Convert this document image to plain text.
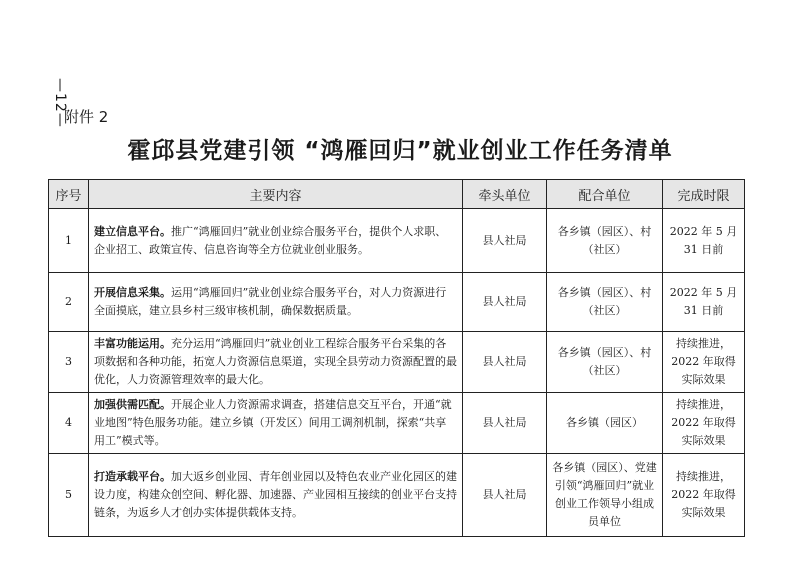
—12—
附件 2
霍邱县党建引领 “鸿雁回归”就业创业工作任务清单
序号	主要内容	牵头单位	配合单位	完成时限
1	建立信息平台。推广“鸿雁回归”就业创业综合服务平台，提供个人求职、企业招工、政策宣传、信息咨询等全方位就业创业服务。	县人社局	各乡镇（园区）、村（社区）	2022 年 5 月 31 日前
2	开展信息采集。运用“鸿雁回归”就业创业综合服务平台，对人力资源进行全面摸底，建立县乡村三级审核机制，确保数据质量。	县人社局	各乡镇（园区）、村（社区）	2022 年 5 月 31 日前
3	丰富功能运用。充分运用“鸿雁回归”就业创业工程综合服务平台采集的各项数据和各种功能，拓宽人力资源信息渠道，实现全县劳动力资源配置的最优化，人力资源管理效率的最大化。	县人社局	各乡镇（园区）、村（社区）	持续推进，2022 年取得实际效果
4	加强供需匹配。开展企业人力资源需求调查，搭建信息交互平台，开通“就业地图”特色服务功能。建立乡镇（开发区）间用工调剂机制，探索“共享用工”模式等。	县人社局	各乡镇（园区）	持续推进，2022 年取得实际效果
5	打造承载平台。加大返乡创业园、青年创业园以及特色农业产业化园区的建设力度，构建众创空间、孵化器、加速器、产业园相互接续的创业平台支持链条，为返乡人才创办实体提供载体支持。	县人社局	各乡镇（园区）、党建引领“鸿雁回归”就业创业工作领导小组成员单位	持续推进，2022 年取得实际效果
